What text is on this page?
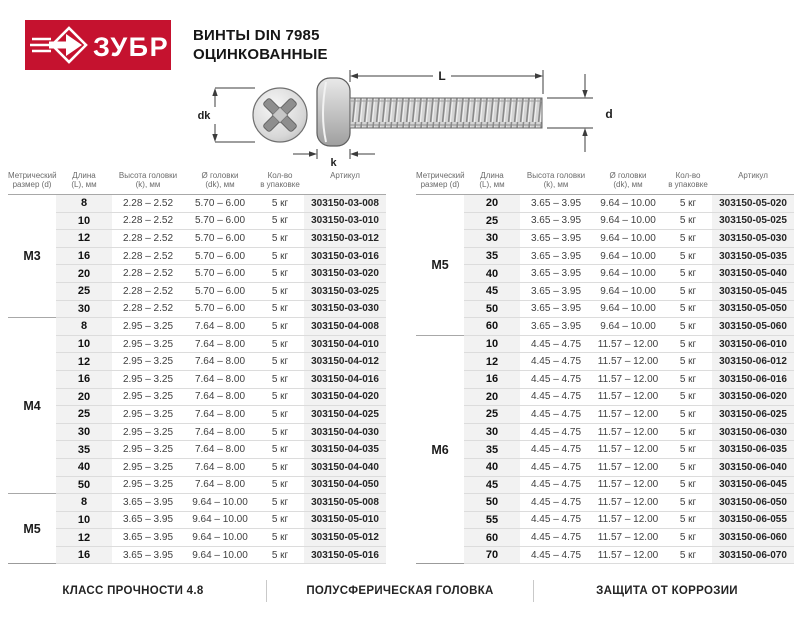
ЗУБР ВИНТЫ DIN 7985
ОЦИНКОВАННЫЕ
L
dk	d
k
Метрический
размер (d)

Длина
(L), мм

Высота головки
(k), мм

Ø головки
(dk), мм

Кол-во
в упаковке

Артикул

М3	8	2.28 – 2.52	5.70 – 6.00	5 кг	303150-03-008
	10	2.28 – 2.52	5.70 – 6.00	5 кг	303150-03-010
	12	2.28 – 2.52	5.70 – 6.00	5 кг	303150-03-012
	16	2.28 – 2.52	5.70 – 6.00	5 кг	303150-03-016
	20	2.28 – 2.52	5.70 – 6.00	5 кг	303150-03-020
	25	2.28 – 2.52	5.70 – 6.00	5 кг	303150-03-025
	30	2.28 – 2.52	5.70 – 6.00	5 кг	303150-03-030
М4	8	2.95 – 3.25	7.64 – 8.00	5 кг	303150-04-008
	10	2.95 – 3.25	7.64 – 8.00	5 кг	303150-04-010
	12	2.95 – 3.25	7.64 – 8.00	5 кг	303150-04-012
	16	2.95 – 3.25	7.64 – 8.00	5 кг	303150-04-016
	20	2.95 – 3.25	7.64 – 8.00	5 кг	303150-04-020
	25	2.95 – 3.25	7.64 – 8.00	5 кг	303150-04-025
	30	2.95 – 3.25	7.64 – 8.00	5 кг	303150-04-030
	35	2.95 – 3.25	7.64 – 8.00	5 кг	303150-04-035
	40	2.95 – 3.25	7.64 – 8.00	5 кг	303150-04-040
	50	2.95 – 3.25	7.64 – 8.00	5 кг	303150-04-050
М5	8	3.65 – 3.95	9.64 – 10.00	5 кг	303150-05-008
	10	3.65 – 3.95	9.64 – 10.00	5 кг	303150-05-010
	12	3.65 – 3.95	9.64 – 10.00	5 кг	303150-05-012
	16	3.65 – 3.95	9.64 – 10.00	5 кг	303150-05-016
Метрический
размер (d)

Длина
(L), мм

Высота головки
(k), мм

Ø головки
(dk), мм

Кол-во
в упаковке

Артикул

М5	20	3.65 – 3.95	9.64 – 10.00	5 кг	303150-05-020
	25	3.65 – 3.95	9.64 – 10.00	5 кг	303150-05-025
	30	3.65 – 3.95	9.64 – 10.00	5 кг	303150-05-030
	35	3.65 – 3.95	9.64 – 10.00	5 кг	303150-05-035
	40	3.65 – 3.95	9.64 – 10.00	5 кг	303150-05-040
	45	3.65 – 3.95	9.64 – 10.00	5 кг	303150-05-045
	50	3.65 – 3.95	9.64 – 10.00	5 кг	303150-05-050
	60	3.65 – 3.95	9.64 – 10.00	5 кг	303150-05-060
М6	10	4.45 – 4.75	11.57 – 12.00	5 кг	303150-06-010
	12	4.45 – 4.75	11.57 – 12.00	5 кг	303150-06-012
	16	4.45 – 4.75	11.57 – 12.00	5 кг	303150-06-016
	20	4.45 – 4.75	11.57 – 12.00	5 кг	303150-06-020
	25	4.45 – 4.75	11.57 – 12.00	5 кг	303150-06-025
	30	4.45 – 4.75	11.57 – 12.00	5 кг	303150-06-030
	35	4.45 – 4.75	11.57 – 12.00	5 кг	303150-06-035
	40	4.45 – 4.75	11.57 – 12.00	5 кг	303150-06-040
	45	4.45 – 4.75	11.57 – 12.00	5 кг	303150-06-045
	50	4.45 – 4.75	11.57 – 12.00	5 кг	303150-06-050
	55	4.45 – 4.75	11.57 – 12.00	5 кг	303150-06-055
	60	4.45 – 4.75	11.57 – 12.00	5 кг	303150-06-060
	70	4.45 – 4.75	11.57 – 12.00	5 кг	303150-06-070
КЛАСС ПРОЧНОСТИ 4.8	ПОЛУСФЕРИЧЕСКАЯ ГОЛОВКА	ЗАЩИТА ОТ КОРРОЗИИ
